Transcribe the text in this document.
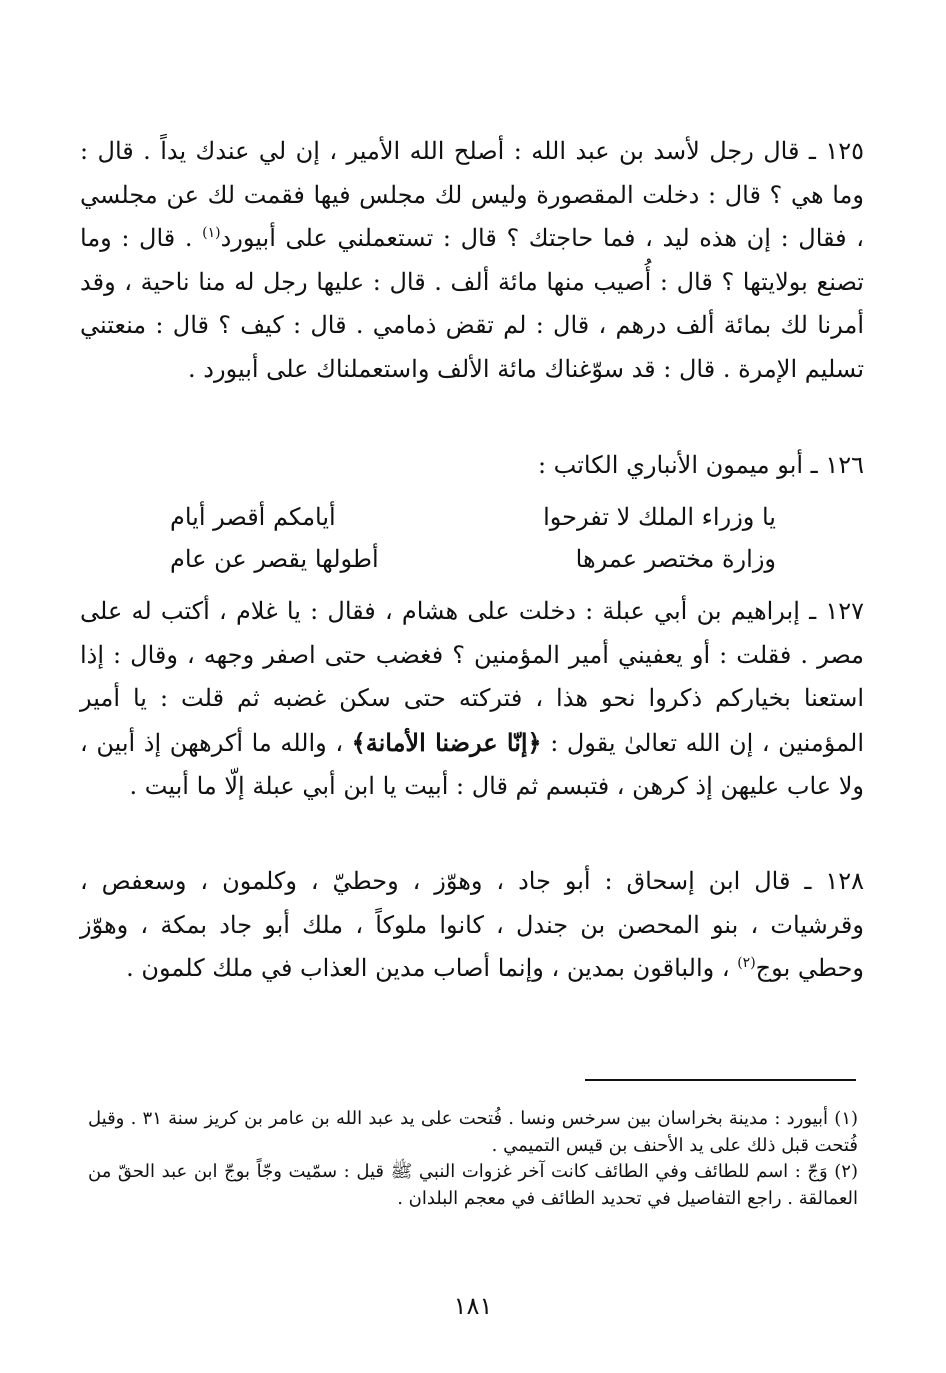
١٢٥ ـ قال رجل لأسد بن عبد الله : أصلح الله الأمير ، إن لي عندك يداً . قال : وما هي ؟ قال : دخلت المقصورة وليس لك مجلس فيها فقمت لك عن مجلسي ، فقال : إن هذه ليد ، فما حاجتك ؟ قال : تستعملني على أبيورد$^{(١)}$ . قال : وما تصنع بولايتها ؟ قال : أُصيب منها مائة ألف . قال : عليها رجل له منا ناحية ، وقد أمرنا لك بمائة ألف درهم ، قال : لم تقض ذمامي . قال : كيف ؟ قال : منعتني تسليم الإمرة . قال : قد سوّغناك مائة الألف واستعملناك على أبيورد .

١٢٦ ـ أبو ميمون الأنباري الكاتب :

يا وزراء الملك لا تفرحوا
أيامكم أقصر أيام
وزارة مختصر عمرها
أطولها يقصر عن عام

١٢٧ ـ إبراهيم بن أبي عبلة : دخلت على هشام ، فقال : يا غلام ، أكتب له على مصر . فقلت : أو يعفيني أمير المؤمنين ؟ فغضب حتى اصفر وجهه ، وقال : إذا استعنا بخياركم ذكروا نحو هذا ، فتركته حتى سكن غضبه ثم قلت : يا أمير المؤمنين ، إن الله تعالىٰ يقول : ﴿إنّا عرضنا الأمانة﴾ ، والله ما أكرههن إذ أبين ، ولا عاب عليهن إذ كرهن ، فتبسم ثم قال : أبيت يا ابن أبي عبلة إلّا ما أبيت .

١٢٨ ـ قال ابن إسحاق : أبو جاد ، وهوّز ، وحطيّ ، وكلمون ، وسعفص ، وقرشيات ، بنو المحصن بن جندل ، كانوا ملوكاً ، ملك أبو جاد بمكة ، وهوّز وحطي بوج$^{(٢)}$ ، والباقون بمدين ، وإنما أصاب مدين العذاب في ملك كلمون .

(١) أبيورد : مدينة بخراسان بين سرخس ونسا . فُتحت على يد عبد الله بن عامر بن كريز سنة ٣١ . وقيل فُتحت قبل ذلك على يد الأحنف بن قيس التميمي .

(٢) وَجّ : اسم للطائف وفي الطائف كانت آخر غزوات النبي ﷺ قيل : سمّيت وجّاً بوجّ ابن عبد الحقّ من العمالقة . راجع التفاصيل في تحديد الطائف في معجم البلدان .

١٨١
